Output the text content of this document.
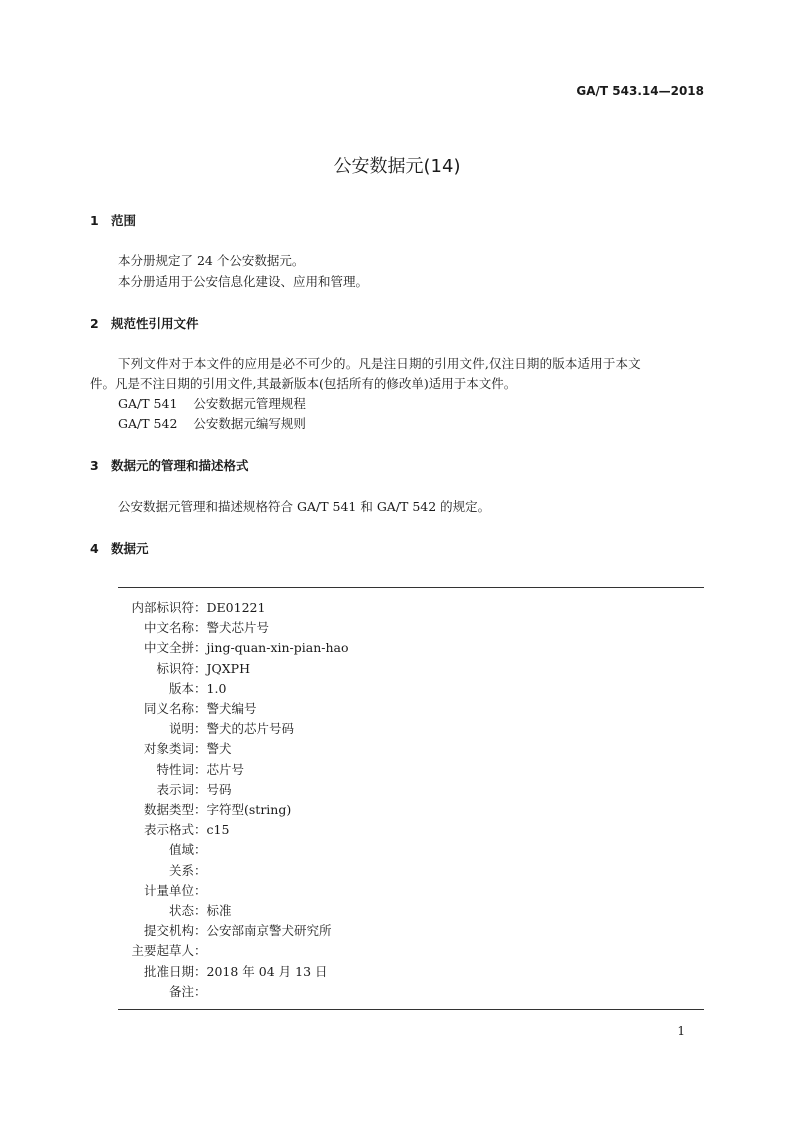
GA/T 543.14—2018
公安数据元(14)
1 范围
本分册规定了 24 个公安数据元。
本分册适用于公安信息化建设、应用和管理。
2 规范性引用文件
下列文件对于本文件的应用是必不可少的。凡是注日期的引用文件,仅注日期的版本适用于本文
件。凡是不注日期的引用文件,其最新版本(包括所有的修改单)适用于本文件。
GA/T 541 公安数据元管理规程
GA/T 542 公安数据元编写规则
3 数据元的管理和描述格式
公安数据元管理和描述规格符合 GA/T 541 和 GA/T 542 的规定。
4 数据元
内部标识符：DE01221
中文名称：警犬芯片号
中文全拼：jing-quan-xin-pian-hao
标识符：JQXPH
版本：1.0
同义名称：警犬编号
说明：警犬的芯片号码
对象类词：警犬
特性词：芯片号
表示词：号码
数据类型：字符型(string)
表示格式：c15
值域：
关系：
计量单位：
状态：标准
提交机构：公安部南京警犬研究所
主要起草人：
批准日期：2018 年 04 月 13 日
备注：
1
